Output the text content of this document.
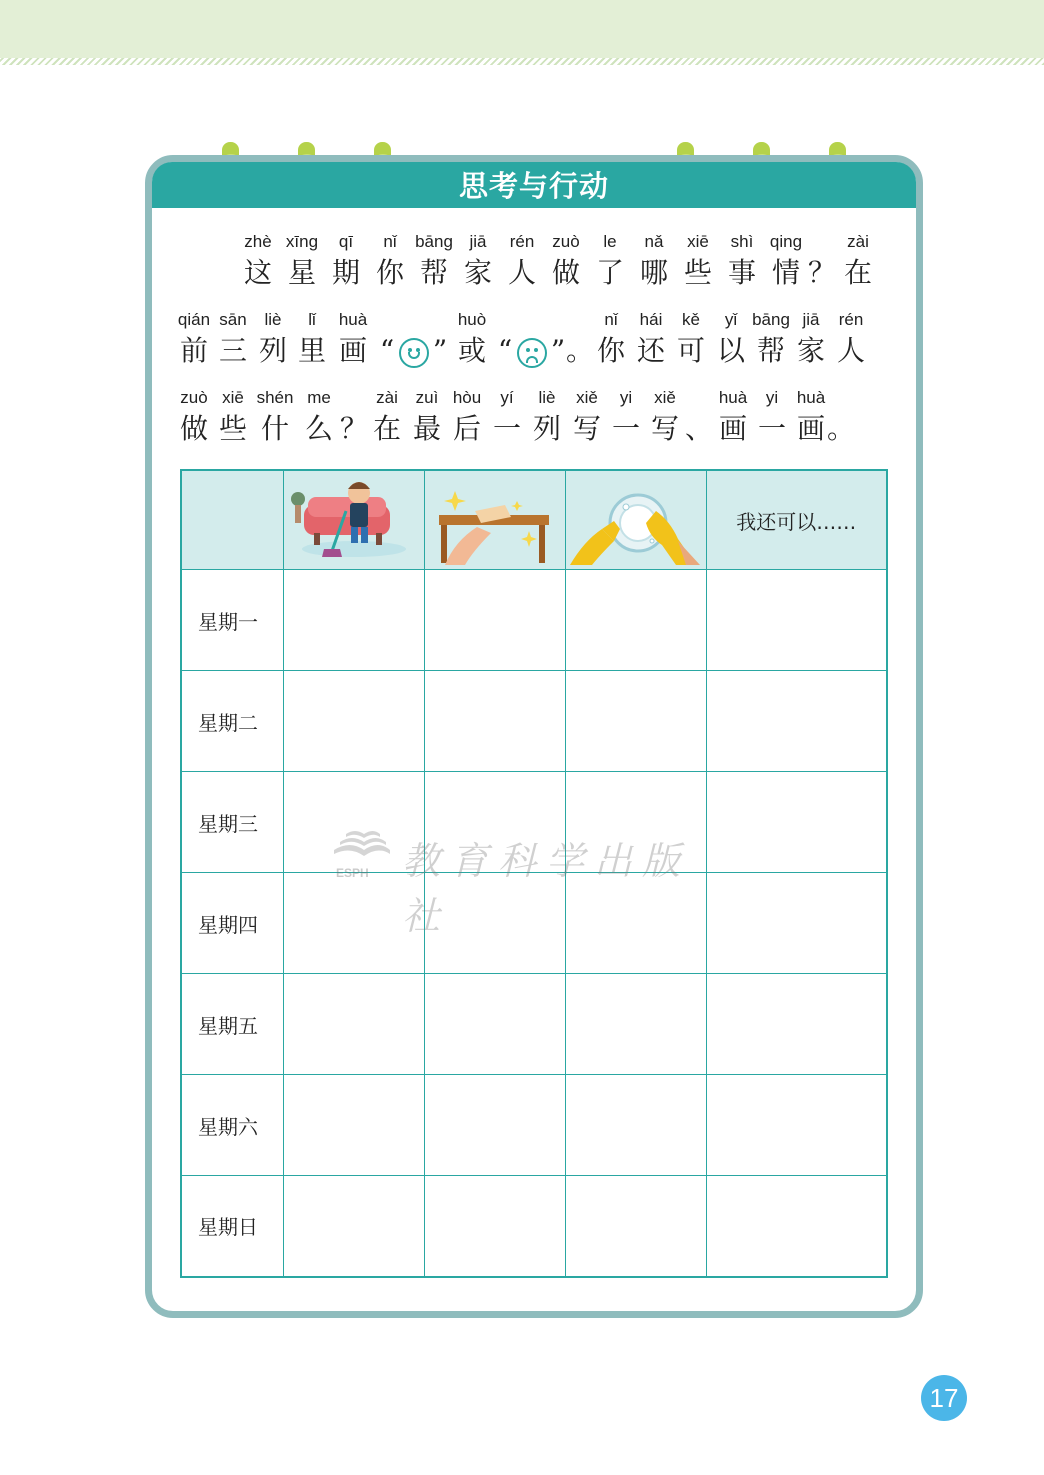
思考与行动
zhè
这
xīng
星
qī
期
nǐ
你
bāng
帮
jiā
家
rén
人
zuò
做
le
了
nǎ
哪
xiē
些
shì
事
qing
情 ？
zài
在
qián
前
sān
三
liè
列
lǐ
里
huà
画 “ ”
huò
或 “ ” 。
nǐ
你
hái
还
kě
可
yǐ
以
bāng
帮
jiā
家
rén
人
zuò
做
xiē
些
shén
什
me
么 ？
zài
在
zuì
最
hòu
后
yí
一
liè
列
xiě
写
yi
一
xiě
写 、
huà
画
yi
一
huà
画 。
				我还可以……
星期一				
星期二				
星期三				
星期四				
星期五				
星期六				
星期日				
ESPH 教育科学出版社
17
